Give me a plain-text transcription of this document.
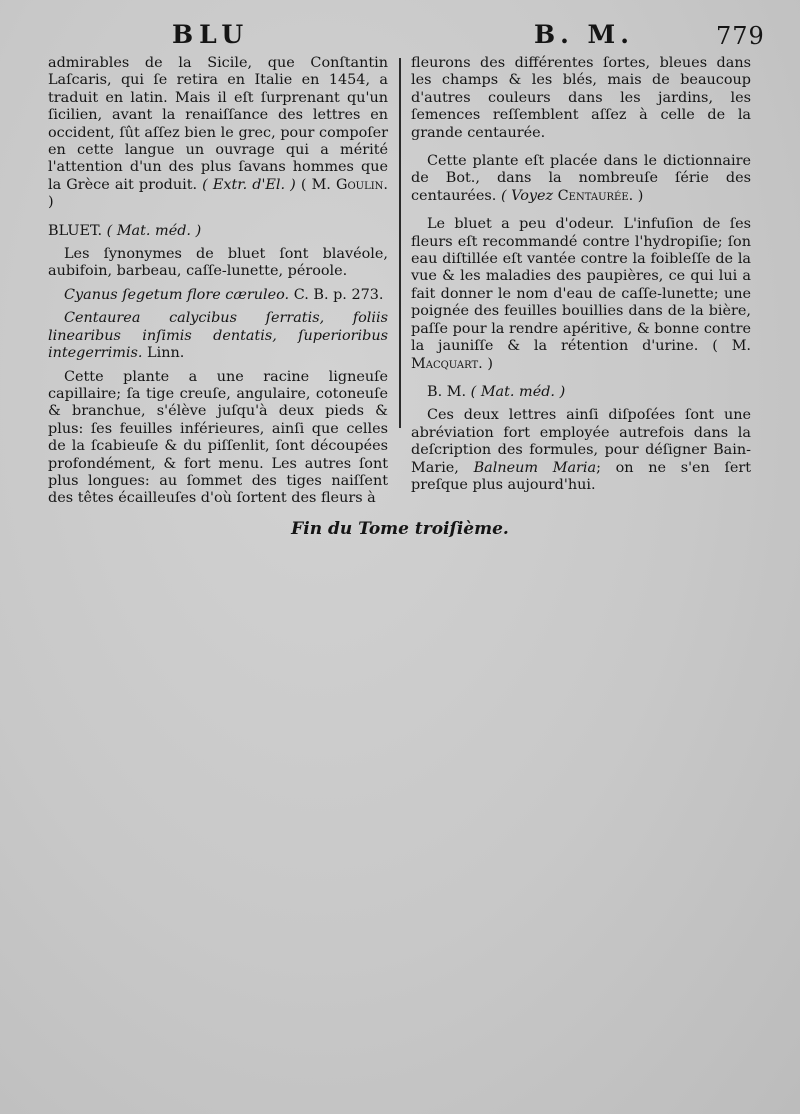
BLU	B. M.	779

admirables de la Sicile, que Conſtantin Laſcaris, qui ſe retira en Italie en 1454, a traduit en latin. Mais il eſt ſurprenant qu'un ſicilien, avant la renaiſſance des lettres en occident, ſût aſſez bien le grec, pour compoſer en cette langue un ouvrage qui a mérité l'attention d'un des plus ſavans hommes que la Grèce ait produit. ( Extr. d'El. ) ( M. Goulin. )

BLUET. ( Mat. méd. )

Les ſynonymes de bluet ſont blavéole, aubifoin, barbeau, caſſe-lunette, péroole.

Cyanus ſegetum flore cæruleo. C. B. p. 273.

Centaurea calycibus ſerratis, foliis linearibus inſimis dentatis, ſuperioribus integerrimis. Linn.

Cette plante a une racine ligneuſe capillaire; ſa tige creuſe, angulaire, cotoneuſe & branchue, s'élève juſqu'à deux pieds & plus: ſes feuilles inférieures, ainſi que celles de la ſcabieuſe & du piſſenlit, ſont découpées profondément, & fort menu. Les autres ſont plus longues: au ſommet des tiges naiſſent des têtes écailleuſes d'où ſortent des fleurs à

fleurons des différentes ſortes, bleues dans les champs & les blés, mais de beaucoup d'autres couleurs dans les jardins, les ſemences reſſemblent aſſez à celle de la grande centaurée.

Cette plante eſt placée dans le dictionnaire de Bot., dans la nombreuſe ſérie des centaurées. ( Voyez Centaurée. )

Le bluet a peu d'odeur. L'infuſion de ſes fleurs eſt recommandé contre l'hydropiſie; ſon eau diſtillée eſt vantée contre la foibleſſe de la vue & les maladies des paupières, ce qui lui a fait donner le nom d'eau de caſſe-lunette; une poignée des feuilles bouillies dans de la bière, paſſe pour la rendre apéritive, & bonne contre la jauniſſe & la rétention d'urine. ( M. Macquart. )

B. M. ( Mat. méd. )

Ces deux lettres ainſi diſpoſées ſont une abréviation fort employée autrefois dans la deſcription des formules, pour déſigner Bain-Marie, Balneum Maria; on ne s'en ſert preſque plus aujourd'hui.

Fin du Tome troiſième.
